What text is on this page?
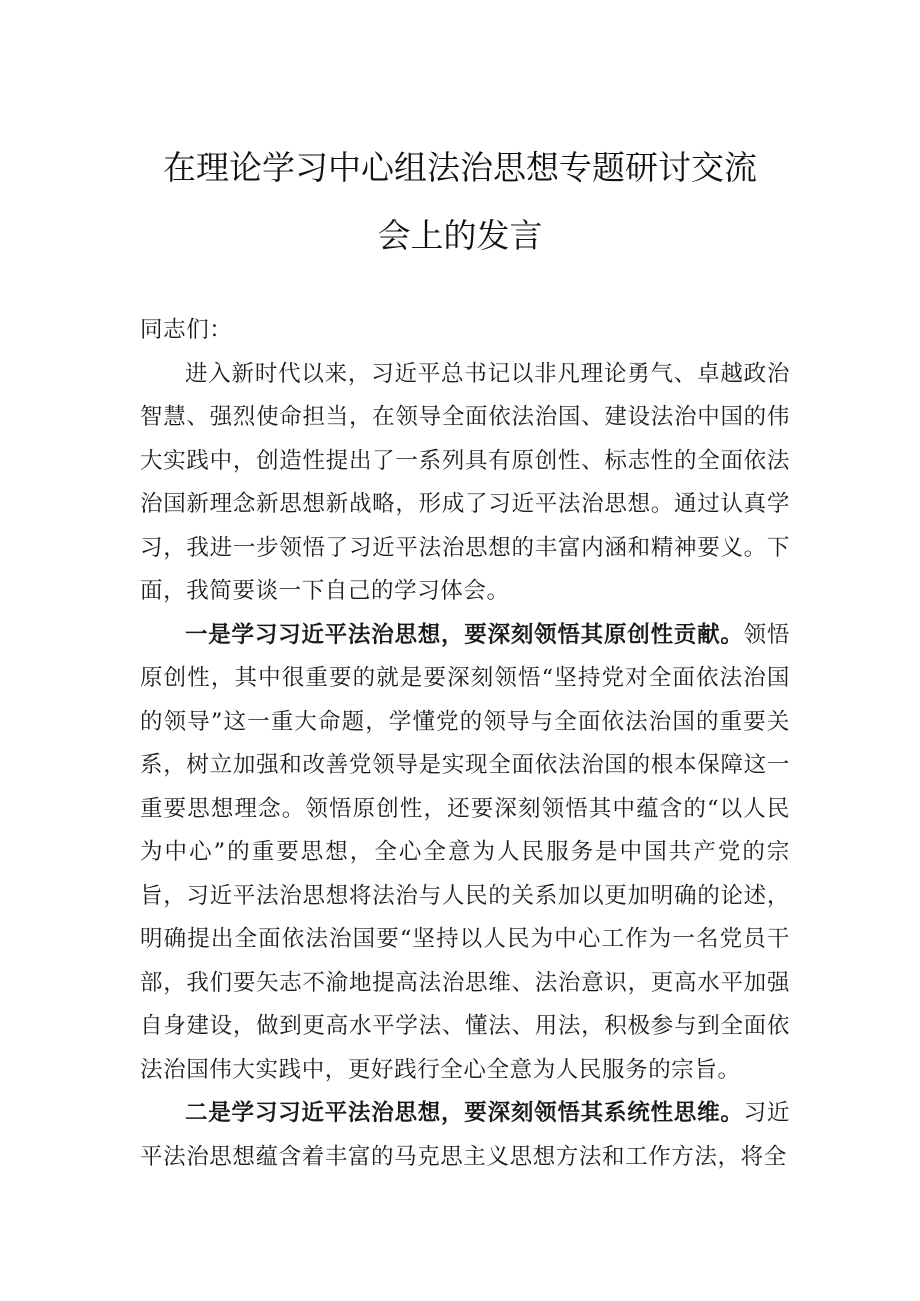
在理论学习中心组法治思想专题研讨交流
会上的发言

同志们：

进入新时代以来，习近平总书记以非凡理论勇气、卓越政治智慧、强烈使命担当，在领导全面依法治国、建设法治中国的伟大实践中，创造性提出了一系列具有原创性、标志性的全面依法治国新理念新思想新战略，形成了习近平法治思想。通过认真学习，我进一步领悟了习近平法治思想的丰富内涵和精神要义。下面，我简要谈一下自己的学习体会。

一是学习习近平法治思想，要深刻领悟其原创性贡献。领悟原创性，其中很重要的就是要深刻领悟“坚持党对全面依法治国的领导”这一重大命题，学懂党的领导与全面依法治国的重要关系，树立加强和改善党领导是实现全面依法治国的根本保障这一重要思想理念。领悟原创性，还要深刻领悟其中蕴含的“以人民为中心”的重要思想，全心全意为人民服务是中国共产党的宗旨，习近平法治思想将法治与人民的关系加以更加明确的论述，明确提出全面依法治国要“坚持以人民为中心工作为一名党员干部，我们要矢志不渝地提高法治思维、法治意识，更高水平加强自身建设，做到更高水平学法、懂法、用法，积极参与到全面依法治国伟大实践中，更好践行全心全意为人民服务的宗旨。

二是学习习近平法治思想，要深刻领悟其系统性思维。习近平法治思想蕴含着丰富的马克思主义思想方法和工作方法，将全
